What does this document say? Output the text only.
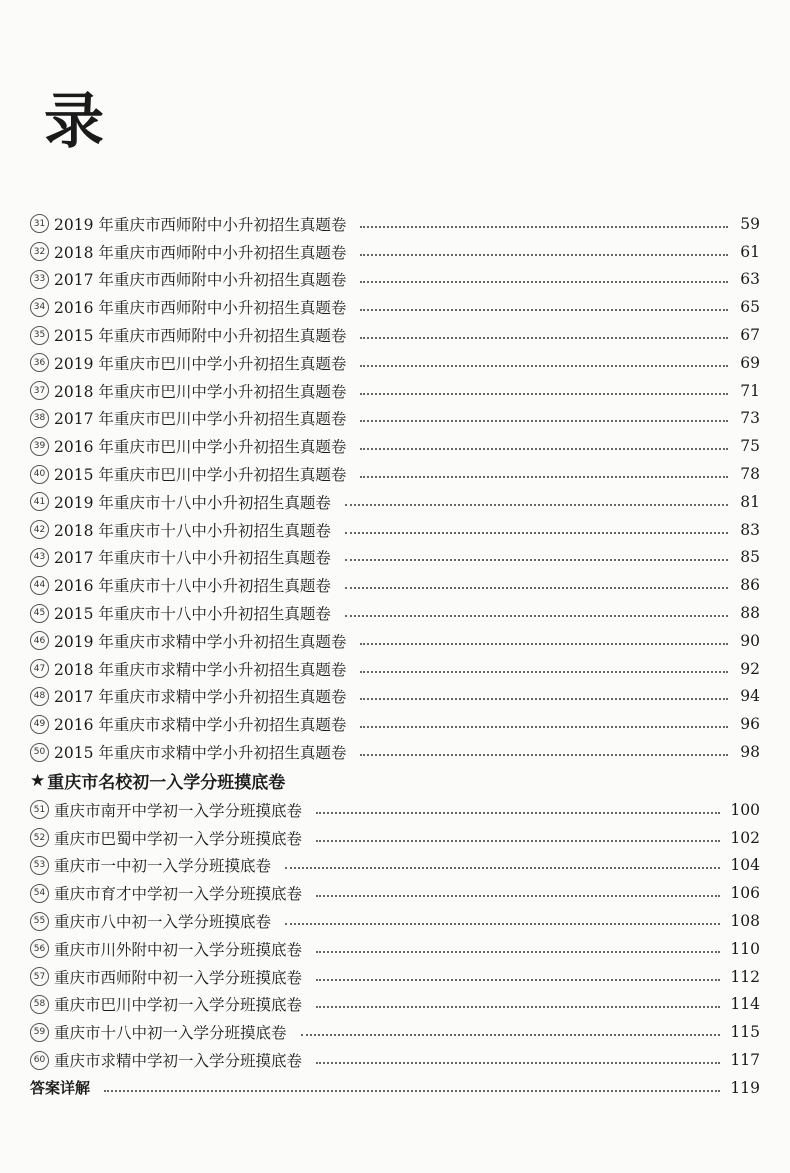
录
31 2019 年重庆市西师附中小升初招生真题卷	59
32 2018 年重庆市西师附中小升初招生真题卷	61
33 2017 年重庆市西师附中小升初招生真题卷	63
34 2016 年重庆市西师附中小升初招生真题卷	65
35 2015 年重庆市西师附中小升初招生真题卷	67
36 2019 年重庆市巴川中学小升初招生真题卷	69
37 2018 年重庆市巴川中学小升初招生真题卷	71
38 2017 年重庆市巴川中学小升初招生真题卷	73
39 2016 年重庆市巴川中学小升初招生真题卷	75
40 2015 年重庆市巴川中学小升初招生真题卷	78
41 2019 年重庆市十八中小升初招生真题卷	81
42 2018 年重庆市十八中小升初招生真题卷	83
43 2017 年重庆市十八中小升初招生真题卷	85
44 2016 年重庆市十八中小升初招生真题卷	86
45 2015 年重庆市十八中小升初招生真题卷	88
46 2019 年重庆市求精中学小升初招生真题卷	90
47 2018 年重庆市求精中学小升初招生真题卷	92
48 2017 年重庆市求精中学小升初招生真题卷	94
49 2016 年重庆市求精中学小升初招生真题卷	96
50 2015 年重庆市求精中学小升初招生真题卷	98
★ 重庆市名校初一入学分班摸底卷
51 重庆市南开中学初一入学分班摸底卷	100
52 重庆市巴蜀中学初一入学分班摸底卷	102
53 重庆市一中初一入学分班摸底卷	104
54 重庆市育才中学初一入学分班摸底卷	106
55 重庆市八中初一入学分班摸底卷	108
56 重庆市川外附中初一入学分班摸底卷	110
57 重庆市西师附中初一入学分班摸底卷	112
58 重庆市巴川中学初一入学分班摸底卷	114
59 重庆市十八中初一入学分班摸底卷	115
60 重庆市求精中学初一入学分班摸底卷	117
答案详解	119
